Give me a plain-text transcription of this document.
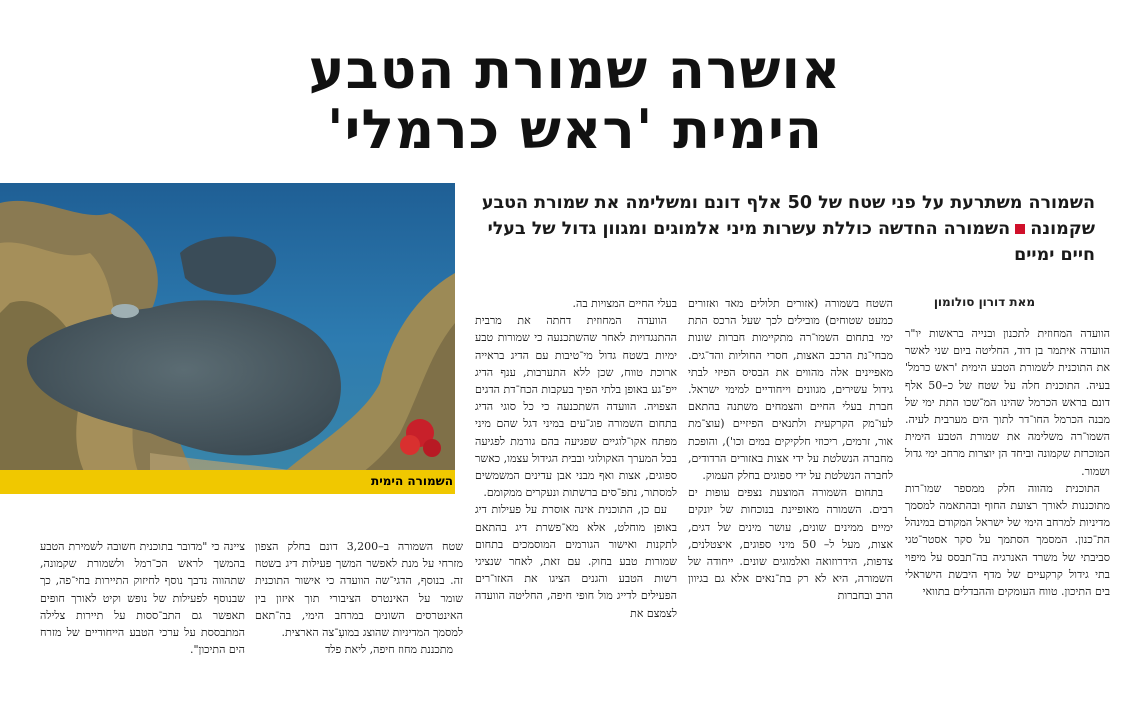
אושרה שמורת הטבע
הימית 'ראש כרמלי'
השמורה משתרעת על פני שטח של 50 אלף דונם ומשלימה את שמורת הטבע שקמונההשמורה החדשה כוללת עשרות מיני אלמוגים ומגוון גדול של בעלי חיים ימיים
השמורה הימית
מאת דורון סולומון

הוועדה המחוזית לתכנון ובנייה בראשות יו"ר הוועדה איתמר בן דוד, החליטה ביום שני לאשר את התוכנית לשמורת הטבע הימית 'ראש כרמל' בעיה. התוכנית חלה על שטח של כ–50 אלף דונם בראש הכרמל שהינו המ־שכו התת ימי של מבנה הכרמל החו־דר לתוך הים מערבית לעיה. השמו־רה משלימה את שמורת הטבע הימית המוכרזת שקמונה וביחד הן יוצרות מרחב ימי גדול ושמור.

התוכנית מהווה חלק ממספר שמו־רות מתוכננות לאורך רצועת החוף ובהתאמה למסמך מדיניות למרחב הימי של ישראל המקודם במינהל הת־כנון. המסמך הסתמך על סקר אסטר־טגי סביבתי של משרד האנרגיה בה־תבסס על מיפוי בתי גידול קרקעיים של מדף היבשת הישראלי בים התיכון. טווח העומקים וההבדלים בתוואי

השטח בשמורה (אזורים תלולים מאד ואזורים כמעט שטוחים) מובילים לכך שעל הרכס התת ימי בתחום השמו־רה מתקיימות חברות שונות מבחי־נת הרכב האצות, חסרי החוליות והד־גים. מאפיינים אלה מהווים את הבסיס הפיזי לבתי גידול עשירים, מגוונים וייחודיים למימי ישראל. חברת בעלי החיים והצמחים משתנה בהתאם לעו־מק הקרקעית ולתנאים הפיזיים (עוצ־מת אור, זרמים, ריכוזי חלקיקים במים וכו'), והופכת מחברה הנשלטת על ידי אצות באזורים הרדודים, לחברה הנשלטת על ידי ספוגים בחלק העמוק.

בתחום השמורה המוצעת נצפים עופות ים רבים. השמורה מאופיינת בנוכחות של יונקים ימיים ממינים שונים, עושר מינים של דגים, אצות, מעל ל– 50 מיני ספוגים, איצטלנים, צדפות, הידרוזואה ואלמוגים שונים. ייחודה של השמורה, היא לא רק בת־נאים אלא גם בגיוון הרב ובחברות

בעלי החיים המצויות בה.

הוועדה המחוזית דחתה את מרבית ההתנגדויות לאחר שהשתכנעה כי שמורות טבע ימיות בשטח גדול מי־טיבות עם הדיג בראייה ארוכת טווח, שכן ללא התערבות, ענף הדיג ייפ־גע באופן בלתי הפיך בעקבות הכח־דת הדגים הצפויה. הוועדה השתכנעה כי כל סוגי הדיג בתחום השמורה פוג־עים במיני דגל שהם מיני מפתח אקו־לוגיים שפגיעה בהם גורמת לפגיעה בכל המערך האקולוגי ובבית הגידול עצמו, כאשר ספוגים, אצות ואף מבני אבן עדינים המשמשים למסתור, נתפ־סים ברשתות ונעקרים ממקומם.

עם כן, התוכנית אינה אוסרת על פעילות דיג באופן מוחלט, אלא מא־פשרת דיג בהתאם לתקנות ואישור הגורמים המוסמכים בתחום שמורות טבע בחוק. עם זאת, לאחר שנציגי רשות הטבע והגנים הציגו את האזו־רים הפעילים לדייג מול חופי חיפה, החליטה הוועדה לצמצם את

שטח השמורה ב–3,200 דונם בחלק הצפון מזרחי על מנת לאפשר המשך פעילות דיג בשטח זה. בנוסף, הדגי־שה הוועדה כי אישור התוכנית שומר על האינטרס הציבורי תוך איזון בין האינטרסים השונים במרחב הימי, בה־תאם למסמך המדיניות שהוצג במועֽ־צה הארצית.

מתכננת מחוז חיפה, ליאת פלד

ציינה כי "מדובר בתוכנית חשובה לשמירת הטבע בהמשך לראש הכ־רמל ולשמורת שקמונה, שתהווה נדבך נוסף לחיזוק התיירות בחי־פה, כך שבנוסף לפעילות של נופש וקיט לאורך חופים תאפשר גם התב־ססות על תיירות צלילה המתבססת על ערכי הטבע הייחודיים של מזרח הים התיכון".
